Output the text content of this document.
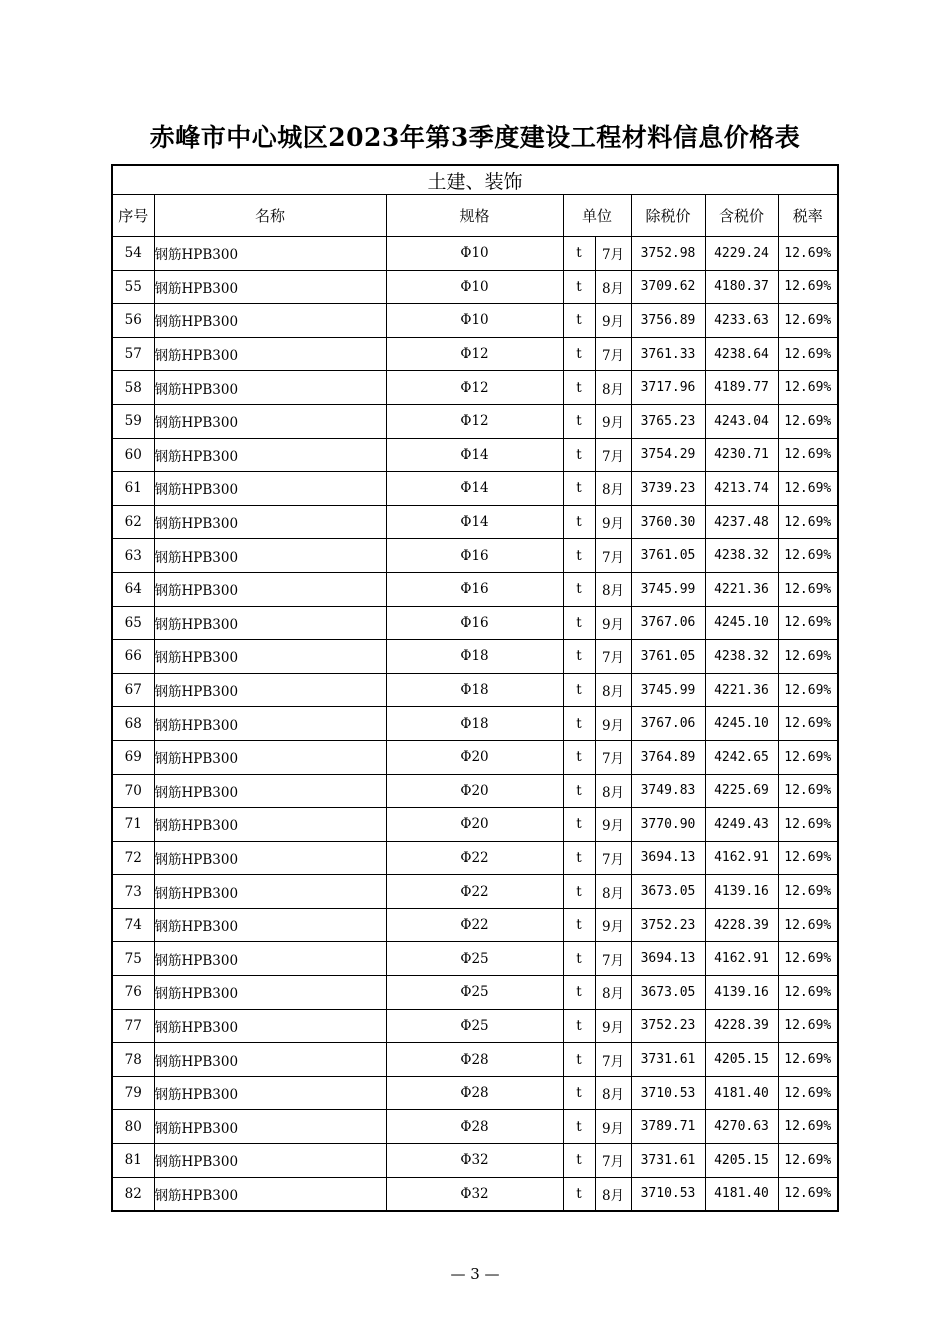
赤峰市中心城区2023年第3季度建设工程材料信息价格表
土建、装饰							
序号	名称	规格	单位		除税价	含税价	税率
54	钢筋HPB300	Φ10	t	7月	3752.98	4229.24	12.69%
55	钢筋HPB300	Φ10	t	8月	3709.62	4180.37	12.69%
56	钢筋HPB300	Φ10	t	9月	3756.89	4233.63	12.69%
57	钢筋HPB300	Φ12	t	7月	3761.33	4238.64	12.69%
58	钢筋HPB300	Φ12	t	8月	3717.96	4189.77	12.69%
59	钢筋HPB300	Φ12	t	9月	3765.23	4243.04	12.69%
60	钢筋HPB300	Φ14	t	7月	3754.29	4230.71	12.69%
61	钢筋HPB300	Φ14	t	8月	3739.23	4213.74	12.69%
62	钢筋HPB300	Φ14	t	9月	3760.30	4237.48	12.69%
63	钢筋HPB300	Φ16	t	7月	3761.05	4238.32	12.69%
64	钢筋HPB300	Φ16	t	8月	3745.99	4221.36	12.69%
65	钢筋HPB300	Φ16	t	9月	3767.06	4245.10	12.69%
66	钢筋HPB300	Φ18	t	7月	3761.05	4238.32	12.69%
67	钢筋HPB300	Φ18	t	8月	3745.99	4221.36	12.69%
68	钢筋HPB300	Φ18	t	9月	3767.06	4245.10	12.69%
69	钢筋HPB300	Φ20	t	7月	3764.89	4242.65	12.69%
70	钢筋HPB300	Φ20	t	8月	3749.83	4225.69	12.69%
71	钢筋HPB300	Φ20	t	9月	3770.90	4249.43	12.69%
72	钢筋HPB300	Φ22	t	7月	3694.13	4162.91	12.69%
73	钢筋HPB300	Φ22	t	8月	3673.05	4139.16	12.69%
74	钢筋HPB300	Φ22	t	9月	3752.23	4228.39	12.69%
75	钢筋HPB300	Φ25	t	7月	3694.13	4162.91	12.69%
76	钢筋HPB300	Φ25	t	8月	3673.05	4139.16	12.69%
77	钢筋HPB300	Φ25	t	9月	3752.23	4228.39	12.69%
78	钢筋HPB300	Φ28	t	7月	3731.61	4205.15	12.69%
79	钢筋HPB300	Φ28	t	8月	3710.53	4181.40	12.69%
80	钢筋HPB300	Φ28	t	9月	3789.71	4270.63	12.69%
81	钢筋HPB300	Φ32	t	7月	3731.61	4205.15	12.69%
82	钢筋HPB300	Φ32	t	8月	3710.53	4181.40	12.69%
— 3 —
